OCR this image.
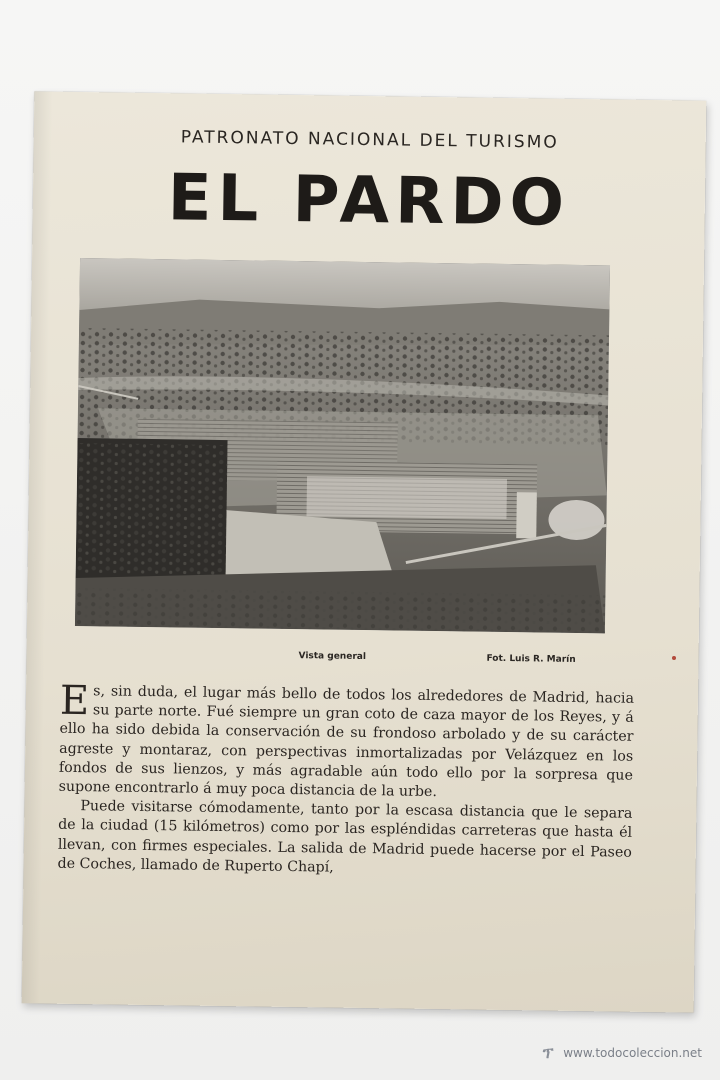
PATRONATO NACIONAL DEL TURISMO
EL PARDO
Vista general	Fot. Luis R. Marín

Es, sin duda, el lugar más bello de todos los alrededores de Madrid, hacia su parte norte. Fué siempre un gran coto de caza mayor de los Reyes, y á ello ha sido debida la conservación de su frondoso arbolado y de su carácter agreste y montaraz, con perspectivas inmortalizadas por Velázquez en los fondos de sus lienzos, y más agradable aún todo ello por la sorpresa que supone encontrarlo á muy poca distancia de la urbe.

Puede visitarse cómodamente, tanto por la escasa distancia que le separa de la ciudad (15 kilómetros) como por las espléndidas carreteras que hasta él llevan, con firmes especiales. La salida de Madrid puede hacerse por el Paseo de Coches, llamado de Ruperto Chapí,

ፕ www.todocoleccion.net
